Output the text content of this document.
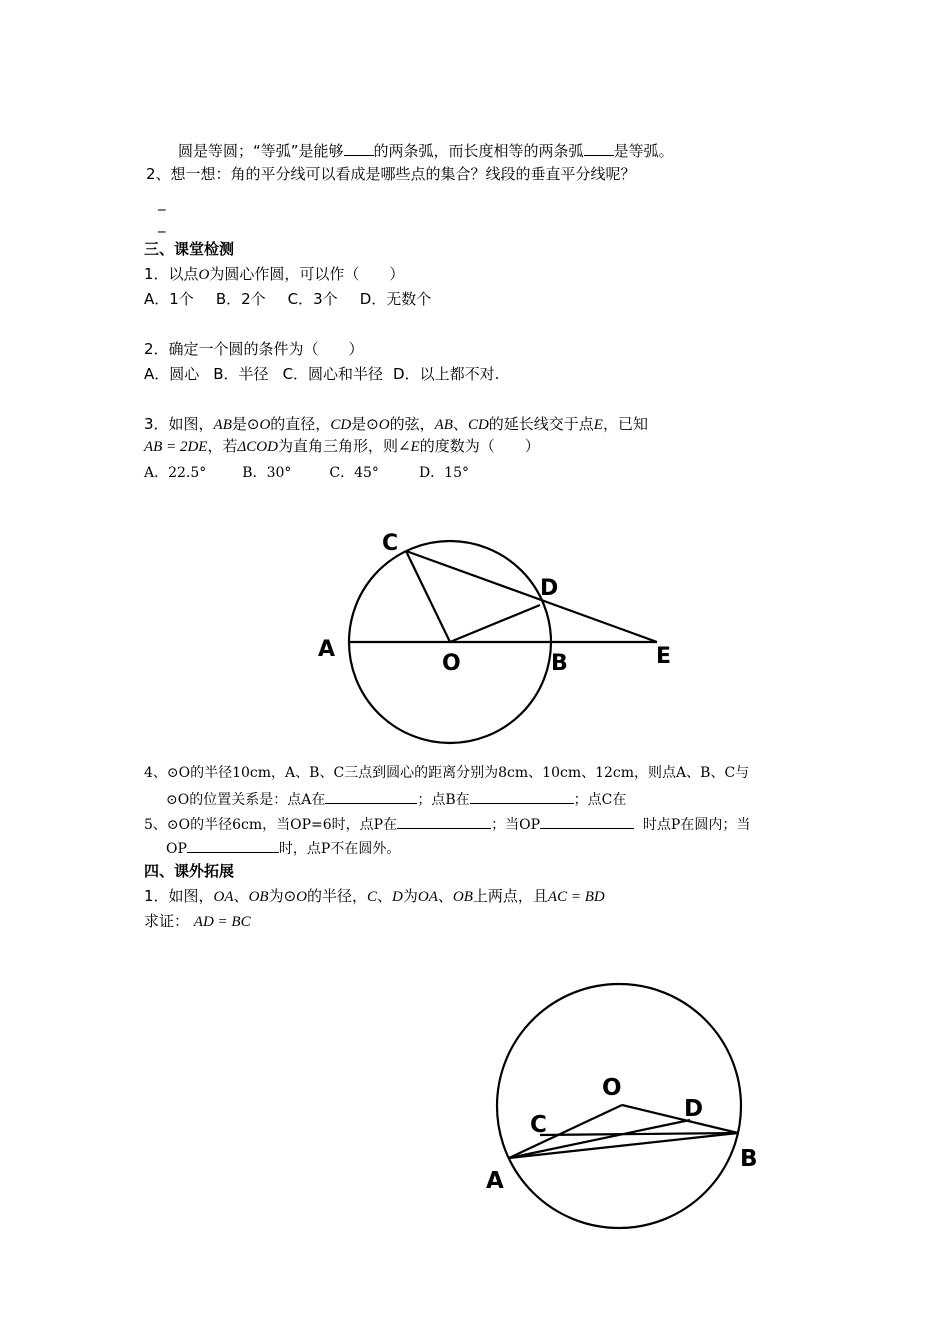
圆是等圆；“等弧”是能够 的两条弧，而长度相等的两条弧 是等弧。
2、想一想：角的平分线可以看成是哪些点的集合？线段的垂直平分线呢？
_
_
三、课堂检测
1．以点O为圆心作圆，可以作（　　）
A．1个 B．2个 C．3个 D．无数个
2．确定一个圆的条件为（　　）
A．圆心 B．半径 C．圆心和半径 D．以上都不对.
3．如图，AB是⊙O的直径，CD是⊙O的弦，AB、CD的延长线交于点E，已知
AB = 2DE，若ΔCOD为直角三角形，则∠E的度数为（　　）
A．22.5°	B．30°	C．45°	D．15°
C
D
A
O	B	E
4、⊙O的半径10cm，A、B、C三点到圆心的距离分别为8cm、10cm、12cm，则点A、B、C与
⊙O的位置关系是：点A在	；点B在	；点C在
5、⊙O的半径6cm，当OP=6时，点P在	；当OP	时点P在圆内；当
OP	时，点P不在圆外。
四、课外拓展
1．如图，OA、OB为⊙O的半径，C、D为OA、OB上两点，且AC = BD
求证： AD = BC
O
D
C
A
B
